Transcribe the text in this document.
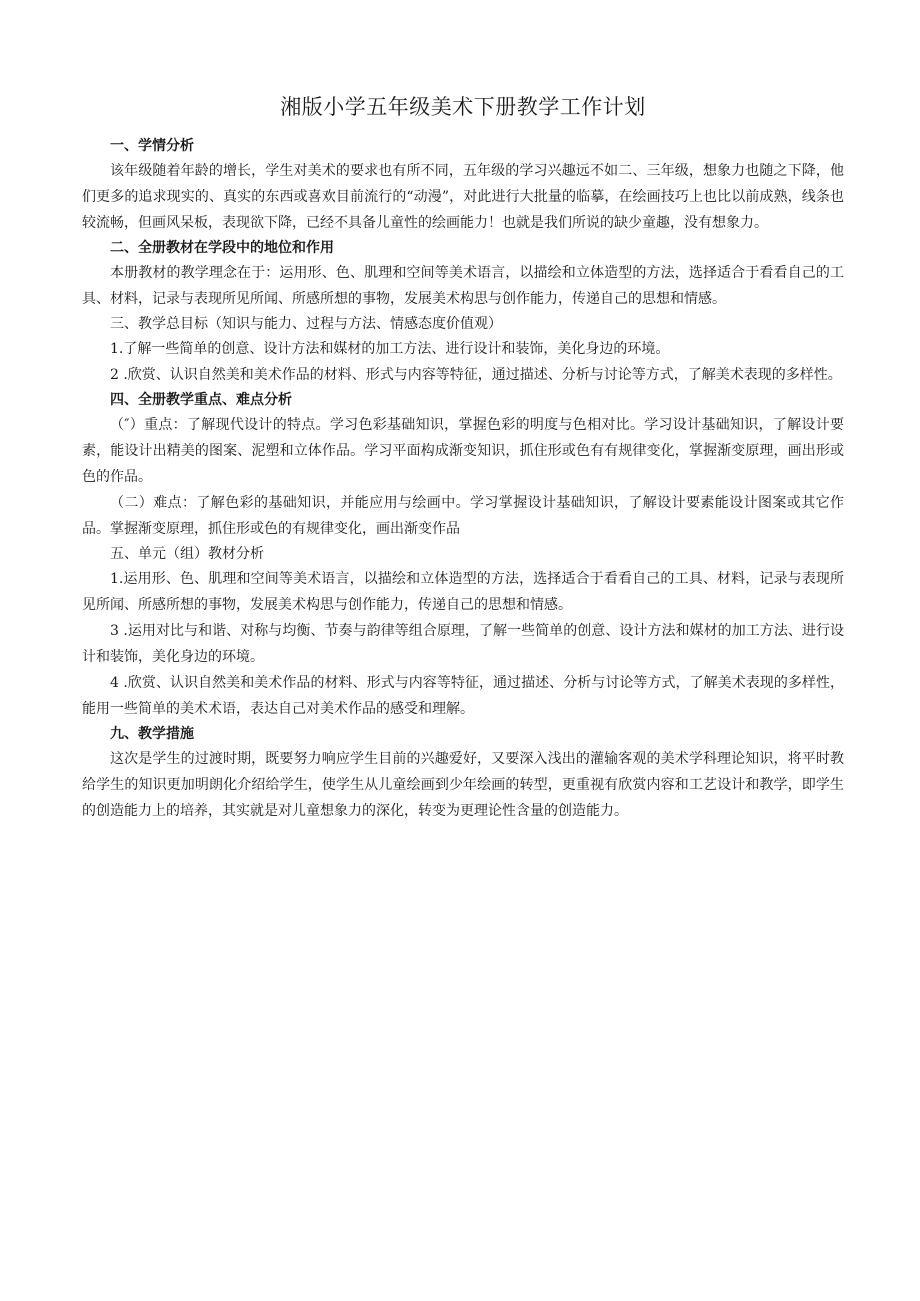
湘版小学五年级美术下册教学工作计划

一、学情分析

该年级随着年龄的增长，学生对美术的要求也有所不同，五年级的学习兴趣远不如二、三年级，想象力也随之下降，他们更多的追求现实的、真实的东西或喜欢目前流行的“动漫”，对此进行大批量的临摹，在绘画技巧上也比以前成熟，线条也较流畅，但画风呆板，表现欲下降，已经不具备儿童性的绘画能力！也就是我们所说的缺少童趣，没有想象力。

二、全册教材在学段中的地位和作用

本册教材的教学理念在于：运用形、色、肌理和空间等美术语言，以描绘和立体造型的方法，选择适合于看看自己的工具、材料，记录与表现所见所闻、所感所想的事物，发展美术构思与创作能力，传递自己的思想和情感。

三、教学总目标（知识与能力、过程与方法、情感态度价值观）

1.了解一些简单的创意、设计方法和媒材的加工方法、进行设计和装饰，美化身边的环境。

2 .欣赏、认识自然美和美术作品的材料、形式与内容等特征，通过描述、分析与讨论等方式，了解美术表现的多样性。

四、全册教学重点、难点分析

（″）重点：了解现代设计的特点。学习色彩基础知识，掌握色彩的明度与色相对比。学习设计基础知识，了解设计要素，能设计出精美的图案、泥塑和立体作品。学习平面构成渐变知识，抓住形或色有有规律变化，掌握渐变原理，画出形或色的作品。

（二）难点：了解色彩的基础知识，并能应用与绘画中。学习掌握设计基础知识，了解设计要素能设计图案或其它作品。掌握渐变原理，抓住形或色的有规律变化，画出渐变作品

五、单元（组）教材分析

1.运用形、色、肌理和空间等美术语言，以描绘和立体造型的方法，选择适合于看看自己的工具、材料，记录与表现所见所闻、所感所想的事物，发展美术构思与创作能力，传递自己的思想和情感。

3 .运用对比与和谐、对称与均衡、节奏与韵律等组合原理，了解一些简单的创意、设计方法和媒材的加工方法、进行设计和装饰，美化身边的环境。

4 .欣赏、认识自然美和美术作品的材料、形式与内容等特征，通过描述、分析与讨论等方式，了解美术表现的多样性，能用一些简单的美术术语，表达自己对美术作品的感受和理解。

九、教学措施

这次是学生的过渡时期，既要努力响应学生目前的兴趣爱好，又要深入浅出的灌输客观的美术学科理论知识，将平时教给学生的知识更加明朗化介绍给学生，使学生从儿童绘画到少年绘画的转型，更重视有欣赏内容和工艺设计和教学，即学生的创造能力上的培养，其实就是对儿童想象力的深化，转变为更理论性含量的创造能力。
